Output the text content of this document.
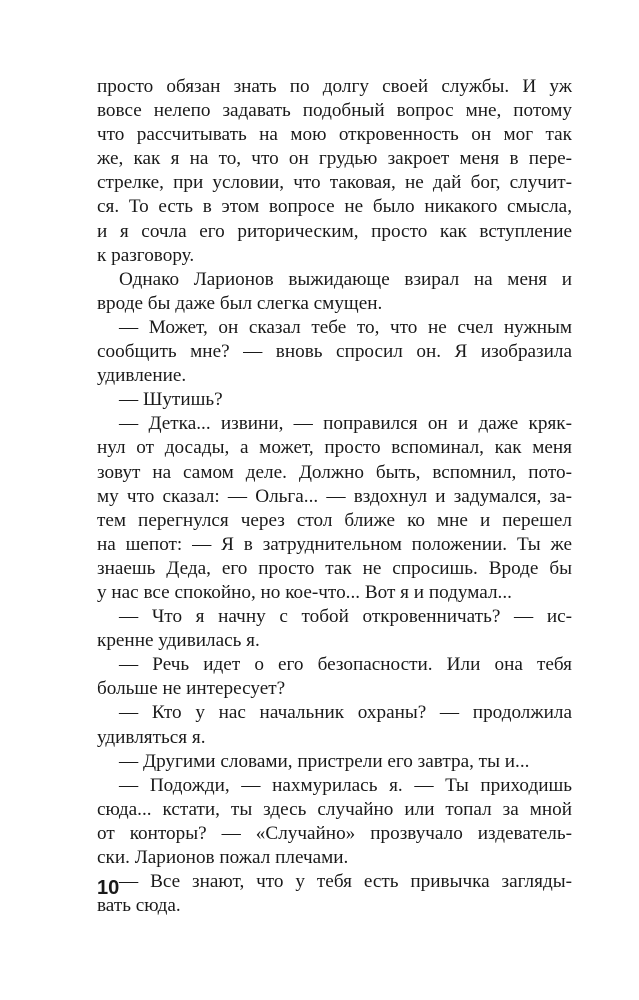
просто обязан знать по долгу своей службы. И уж
вовсе нелепо задавать подобный вопрос мне, потому
что рассчитывать на мою откровенность он мог так
же, как я на то, что он грудью закроет меня в пере-
стрелке, при условии, что таковая, не дай бог, случит-
ся. То есть в этом вопросе не было никакого смысла,
и я сочла его риторическим, просто как вступление
к разговору.
Однако Ларионов выжидающе взирал на меня и
вроде бы даже был слегка смущен.
— Может, он сказал тебе то, что не счел нужным
сообщить мне? — вновь спросил он. Я изобразила
удивление.
— Шутишь?
— Детка... извини, — поправился он и даже кряк-
нул от досады, а может, просто вспоминал, как меня
зовут на самом деле. Должно быть, вспомнил, пото-
му что сказал: — Ольга... — вздохнул и задумался, за-
тем перегнулся через стол ближе ко мне и перешел
на шепот: — Я в затруднительном положении. Ты же
знаешь Деда, его просто так не спросишь. Вроде бы
у нас все спокойно, но кое-что... Вот я и подумал...
— Что я начну с тобой откровенничать? — ис-
кренне удивилась я.
— Речь идет о его безопасности. Или она тебя
больше не интересует?
— Кто у нас начальник охраны? — продолжила
удивляться я.
— Другими словами, пристрели его завтра, ты и...
— Подожди, — нахмурилась я. — Ты приходишь
сюда... кстати, ты здесь случайно или топал за мной
от конторы? — «Случайно» прозвучало издеватель-
ски. Ларионов пожал плечами.
— Все знают, что у тебя есть привычка загляды-
вать сюда.
10
